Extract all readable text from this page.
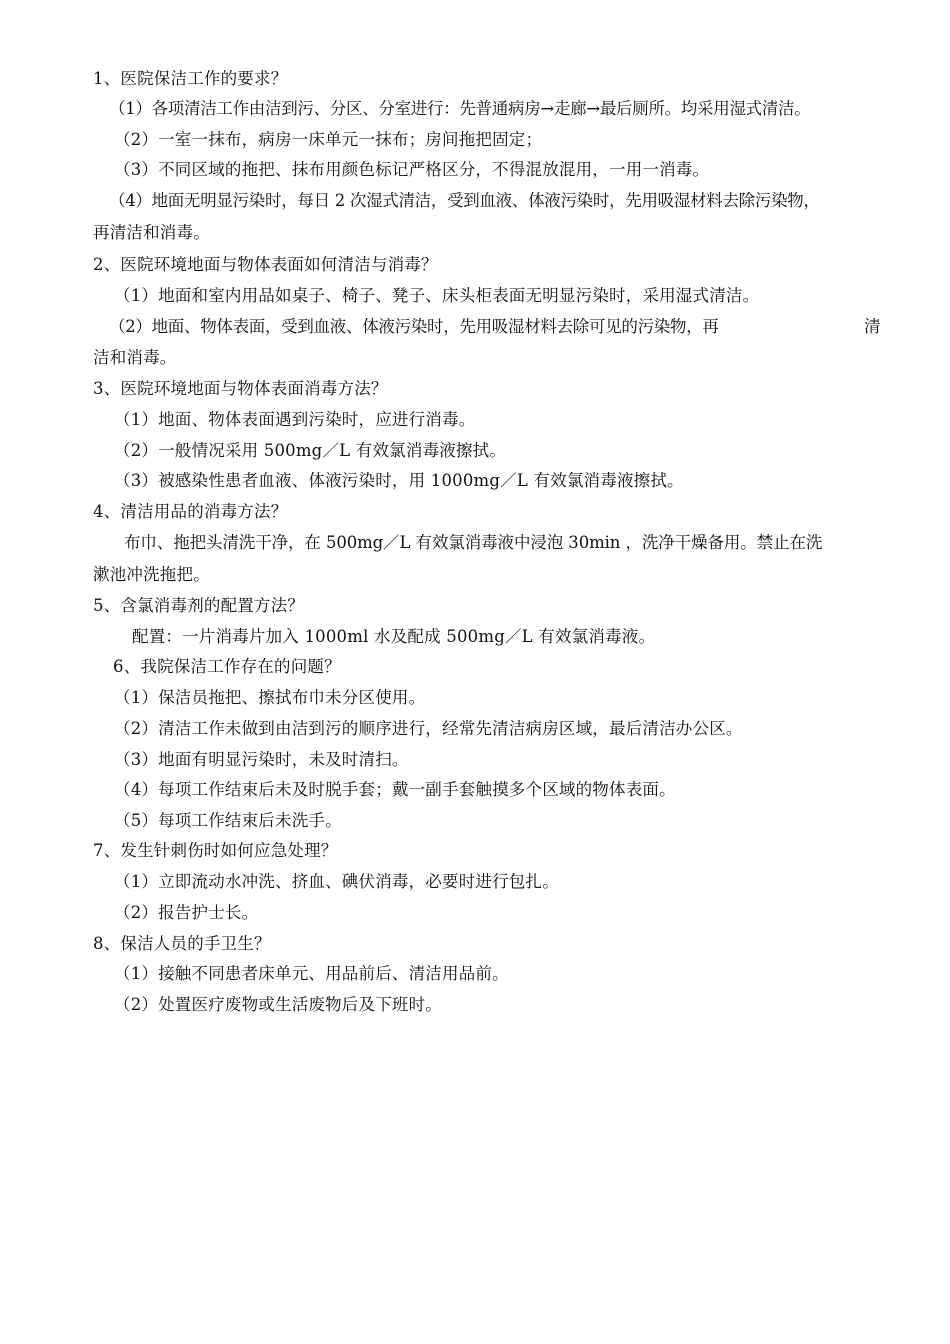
1、医院保洁工作的要求？
（1）各项清洁工作由洁到污、分区、分室进行：先普通病房→走廊→最后厕所。均采用湿式清洁。
（2）一室一抹布，病房一床单元一抹布；房间拖把固定；
（3）不同区域的拖把、抹布用颜色标记严格区分，不得混放混用，一用一消毒。
（4）地面无明显污染时，每日 2 次湿式清洁，受到血液、体液污染时，先用吸湿材料去除污染物，
再清洁和消毒。
2、医院环境地面与物体表面如何清洁与消毒？
（1）地面和室内用品如桌子、椅子、凳子、床头柜表面无明显污染时，采用湿式清洁。
（2）地面、物体表面，受到血液、体液污染时，先用吸湿材料去除可见的污染物，再	清
洁和消毒。
3、医院环境地面与物体表面消毒方法？
（1）地面、物体表面遇到污染时，应进行消毒。
（2）一般情况采用 500mg／L 有效氯消毒液擦拭。
（3）被感染性患者血液、体液污染时，用 1000mg／L 有效氯消毒液擦拭。
4、清洁用品的消毒方法？
布巾、拖把头清洗干净，在 500mg／L 有效氯消毒液中浸泡 30min ，洗净干燥备用。禁止在洗
漱池冲洗拖把。
5、含氯消毒剂的配置方法？
配置：一片消毒片加入 1000ml 水及配成 500mg／L 有效氯消毒液。
6、我院保洁工作存在的问题？
（1）保洁员拖把、擦拭布巾未分区使用。
（2）清洁工作未做到由洁到污的顺序进行，经常先清洁病房区域，最后清洁办公区。
（3）地面有明显污染时，未及时清扫。
（4）每项工作结束后未及时脱手套；戴一副手套触摸多个区域的物体表面。
（5）每项工作结束后未洗手。
7、发生针刺伤时如何应急处理？
（1）立即流动水冲洗、挤血、碘伏消毒，必要时进行包扎。
（2）报告护士长。
8、保洁人员的手卫生？
（1）接触不同患者床单元、用品前后、清洁用品前。
（2）处置医疗废物或生活废物后及下班时。
